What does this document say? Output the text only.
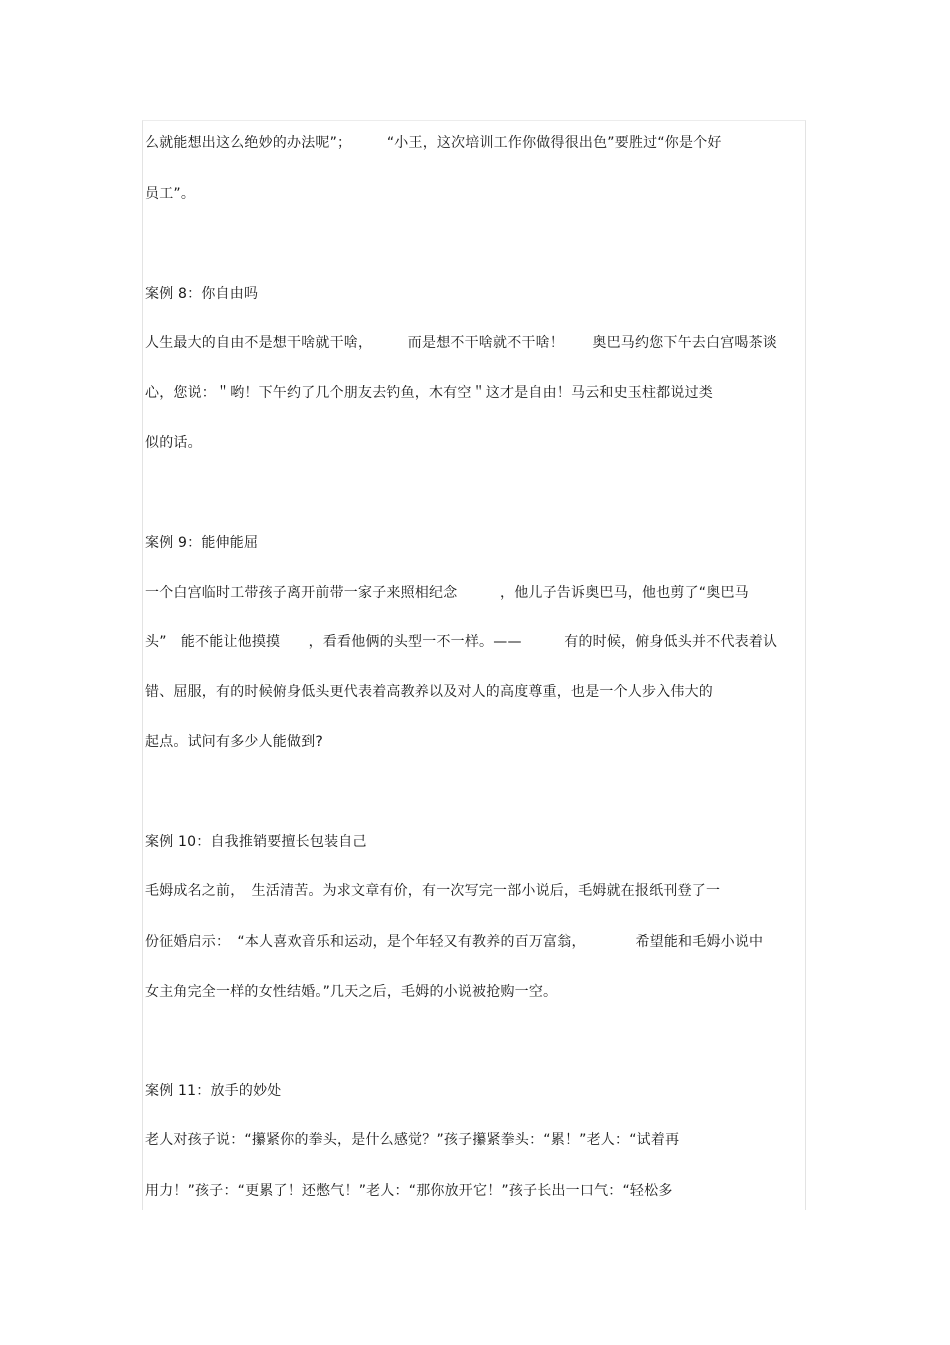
么就能想出这么绝妙的办法呢”；　　　“小王，这次培训工作你做得很出色”要胜过“你是个好
员工”。
案例 8：你自由吗
人生最大的自由不是想干啥就干啥，　　　而是想不干啥就不干啥！　　奥巴马约您下午去白宫喝茶谈
心，您说：＂哟！下午约了几个朋友去钓鱼，木有空＂这才是自由！马云和史玉柱都说过类
似的话。
案例 9：能伸能屈
一个白宫临时工带孩子离开前带一家子来照相纪念　　　，他儿子告诉奥巴马，他也剪了“奥巴马
头”　能不能让他摸摸　　，看看他俩的头型一不一样。——　　　有的时候，俯身低头并不代表着认
错、屈服，有的时候俯身低头更代表着高教养以及对人的高度尊重，也是一个人步入伟大的
起点。试问有多少人能做到?
案例 10：自我推销要擅长包装自己
毛姆成名之前，　生活清苦。为求文章有价，有一次写完一部小说后，毛姆就在报纸刊登了一
份征婚启示：　“本人喜欢音乐和运动，是个年轻又有教养的百万富翁，　　　　希望能和毛姆小说中
女主角完全一样的女性结婚。”几天之后，毛姆的小说被抢购一空。
案例 11：放手的妙处
老人对孩子说：“攥紧你的拳头，是什么感觉？”孩子攥紧拳头：“累！”老人：“试着再
用力！”孩子：“更累了！还憋气！”老人：“那你放开它！”孩子长出一口气：“轻松多
